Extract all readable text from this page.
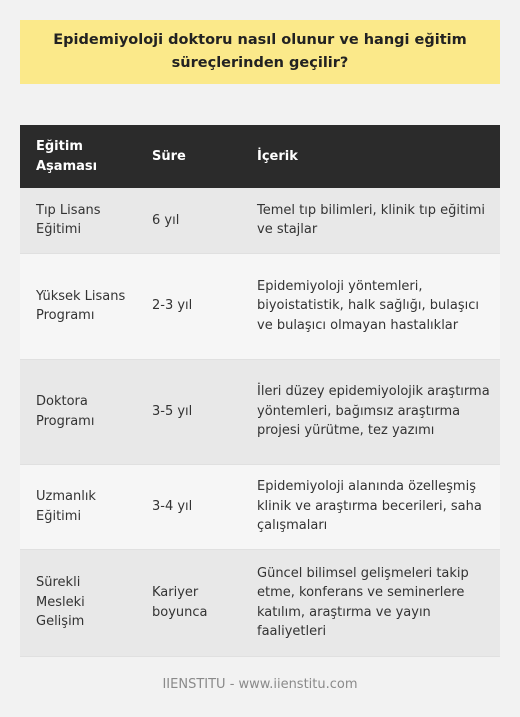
Epidemiyoloji doktoru nasıl olunur ve hangi eğitim süreçlerinden geçilir?
Eğitim Aşaması	Süre	İçerik
Tıp Lisans Eğitimi	6 yıl	Temel tıp bilimleri, klinik tıp eğitimi ve stajlar
Yüksek Lisans Programı	2-3 yıl	Epidemiyoloji yöntemleri, biyoistatistik, halk sağlığı, bulaşıcı ve bulaşıcı olmayan hastalıklar
Doktora Programı	3-5 yıl	İleri düzey epidemiyolojik araştırma yöntemleri, bağımsız araştırma projesi yürütme, tez yazımı
Uzmanlık Eğitimi	3-4 yıl	Epidemiyoloji alanında özelleşmiş klinik ve araştırma becerileri, saha çalışmaları
Sürekli Mesleki Gelişim	Kariyer boyunca	Güncel bilimsel gelişmeleri takip etme, konferans ve seminerlere katılım, araştırma ve yayın faaliyetleri
IIENSTITU - www.iienstitu.com
